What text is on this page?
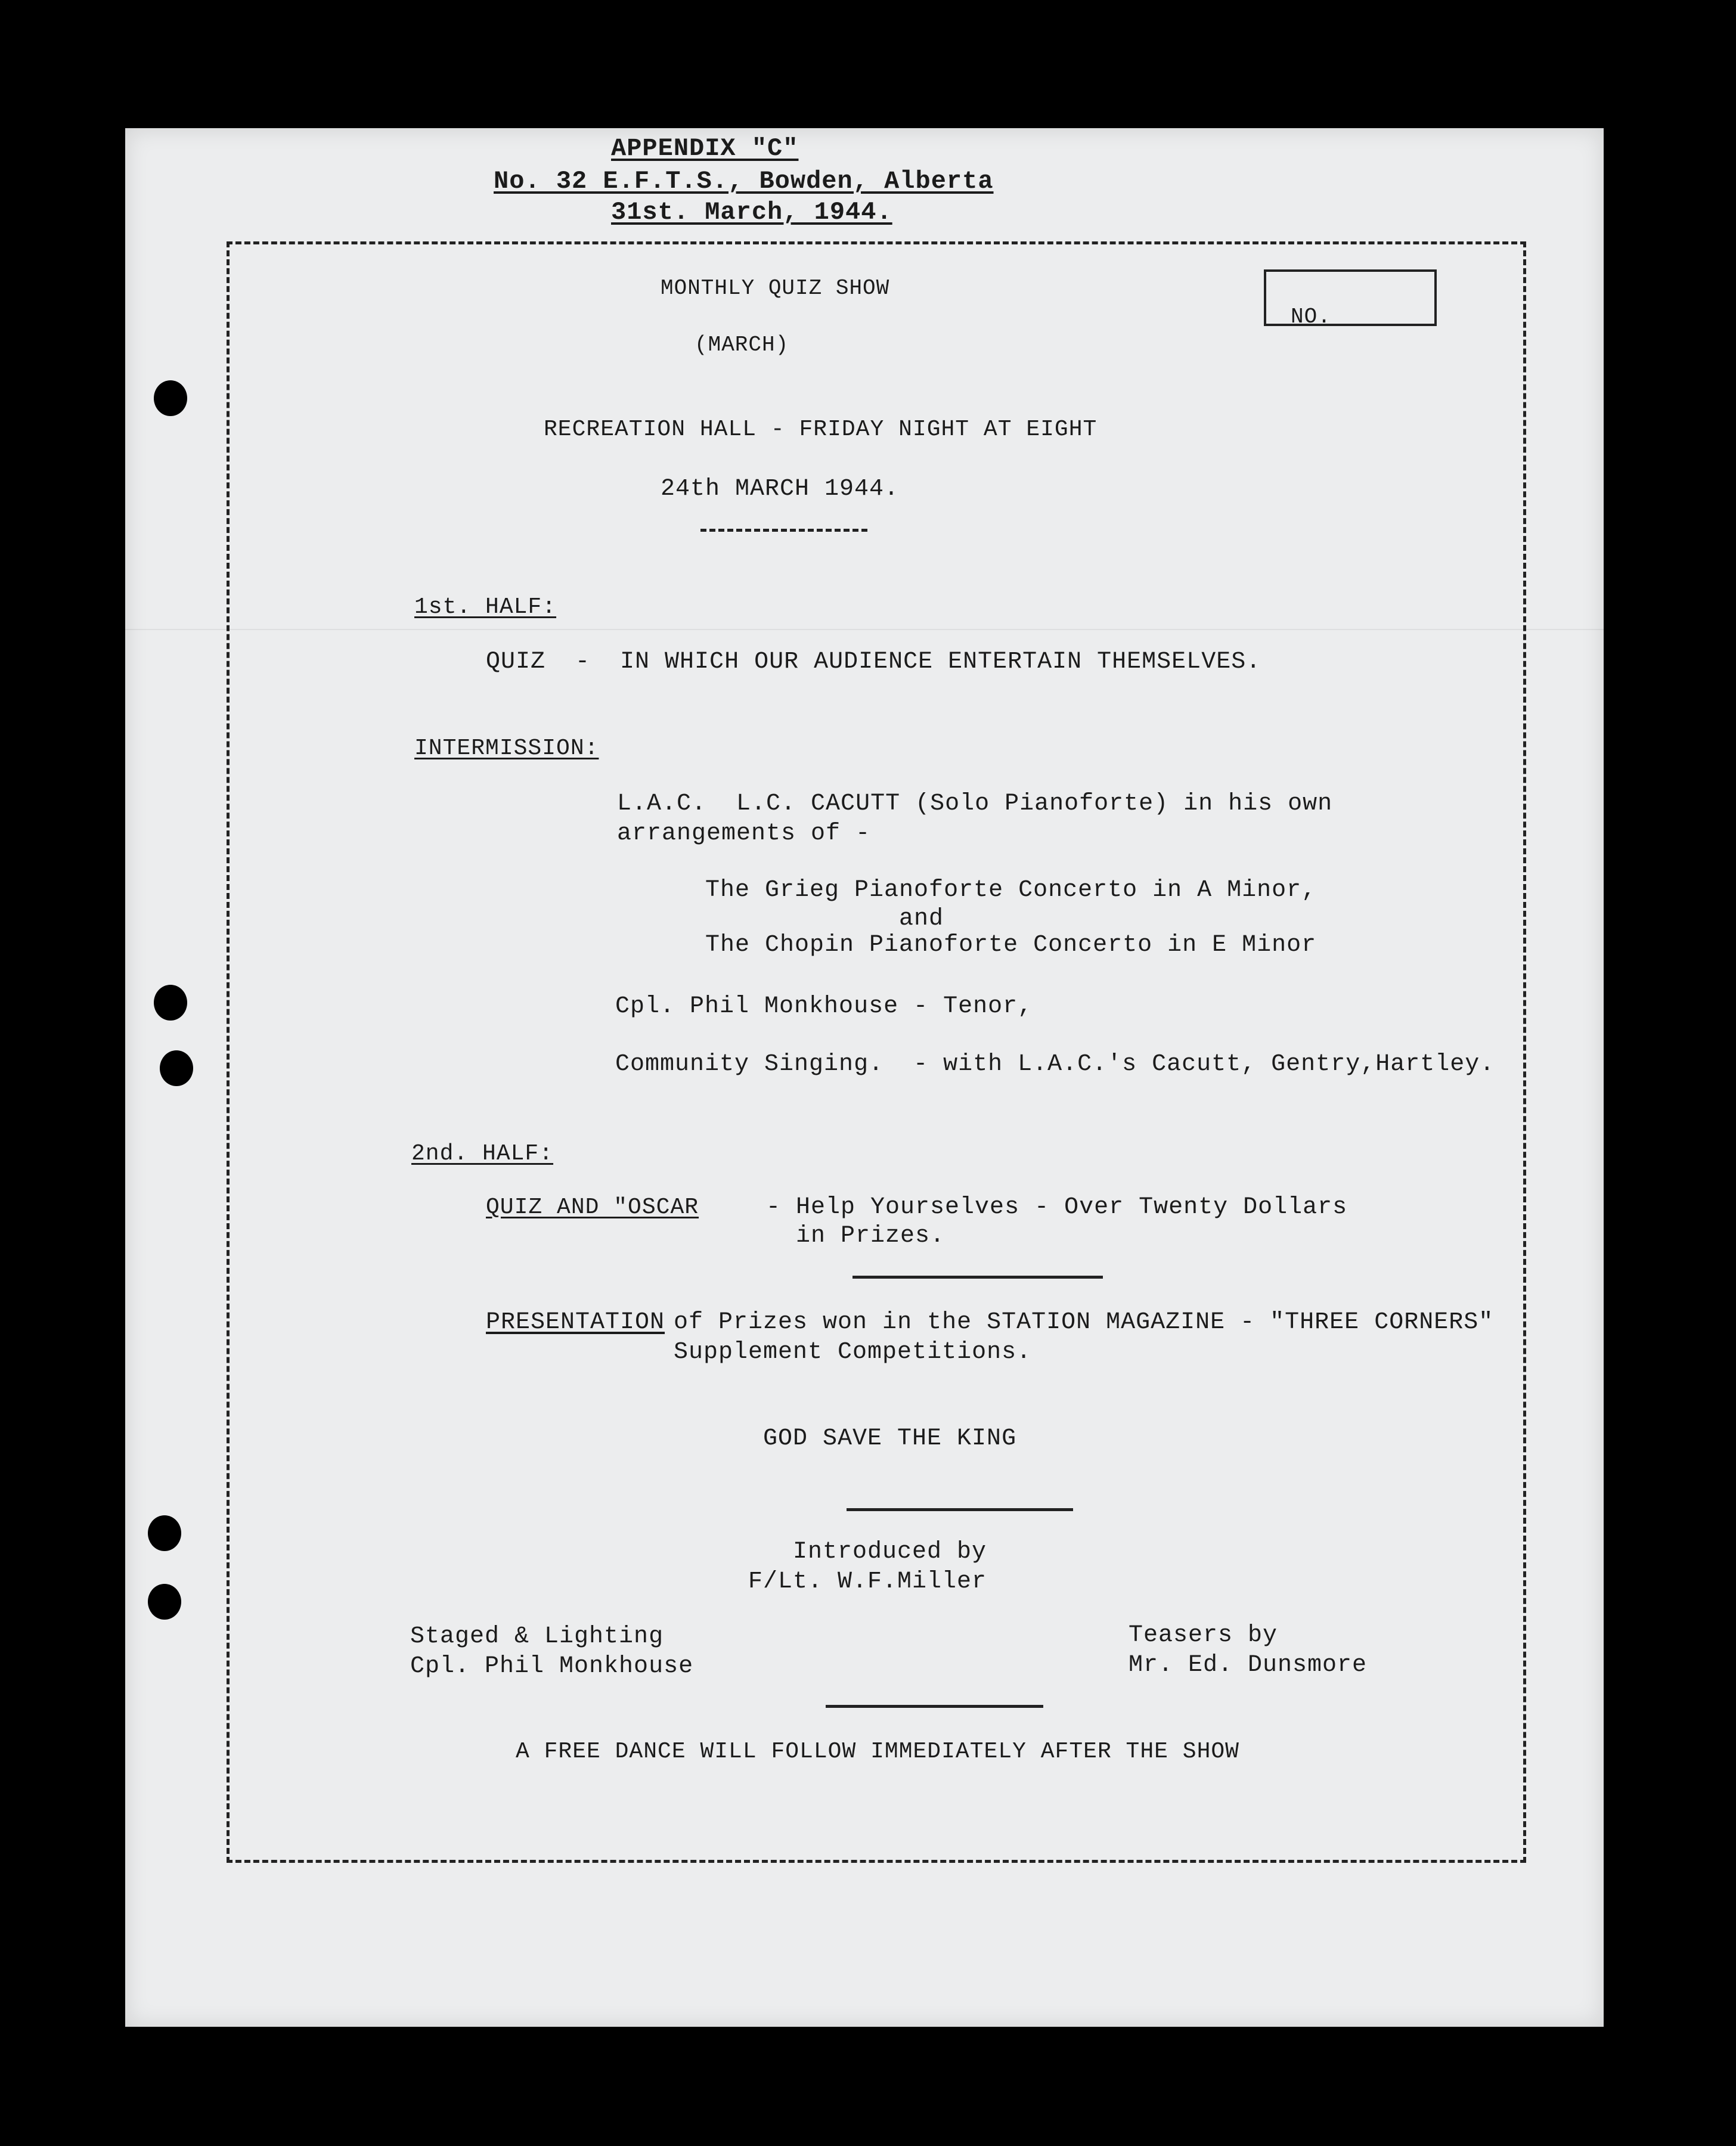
APPENDIX "C"
No. 32 E.F.T.S., Bowden, Alberta
31st. March, 1944.
MONTHLY QUIZ SHOW
(MARCH)
NO.
RECREATION HALL - FRIDAY NIGHT AT EIGHT
24th MARCH 1944.
1st. HALF:
QUIZ  -  IN WHICH OUR AUDIENCE ENTERTAIN THEMSELVES.
INTERMISSION:
L.A.C.  L.C. CACUTT (Solo Pianoforte) in his own
arrangements of -
The Grieg Pianoforte Concerto in A Minor,
and
The Chopin Pianoforte Concerto in E Minor
Cpl. Phil Monkhouse - Tenor,
Community Singing.  - with L.A.C.'s Cacutt, Gentry,Hartley.
2nd. HALF:
QUIZ AND "OSCAR	- Help Yourselves - Over Twenty Dollars
in Prizes.
PRESENTATION
of Prizes won in the STATION MAGAZINE - "THREE CORNERS"
Supplement Competitions.
GOD SAVE THE KING
Introduced by
F/Lt. W.F.Miller
Staged & Lighting
Cpl. Phil Monkhouse
Teasers by
Mr. Ed. Dunsmore
A FREE DANCE WILL FOLLOW IMMEDIATELY AFTER THE SHOW
